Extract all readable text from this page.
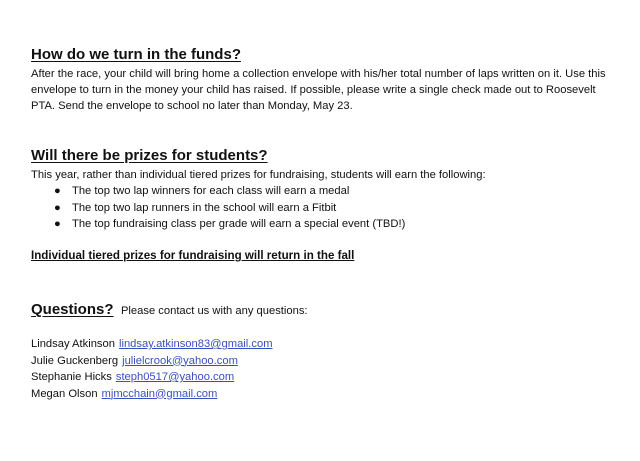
How do we turn in the funds?
After the race, your child will bring home a collection envelope with his/her total number of laps written on it. Use this envelope to turn in the money your child has raised. If possible, please write a single check made out to Roosevelt PTA. Send the envelope to school no later than Monday, May 23.
Will there be prizes for students?
This year, rather than individual tiered prizes for fundraising, students will earn the following:
● The top two lap winners for each class will earn a medal
● The top two lap runners in the school will earn a Fitbit
● The top fundraising class per grade will earn a special event (TBD!)
Individual tiered prizes for fundraising will return in the fall
Questions? Please contact us with any questions:
Lindsay Atkinson lindsay.atkinson83@gmail.com
Julie Guckenberg julielcrook@yahoo.com
Stephanie Hicks steph0517@yahoo.com
Megan Olson mjmcchain@gmail.com
